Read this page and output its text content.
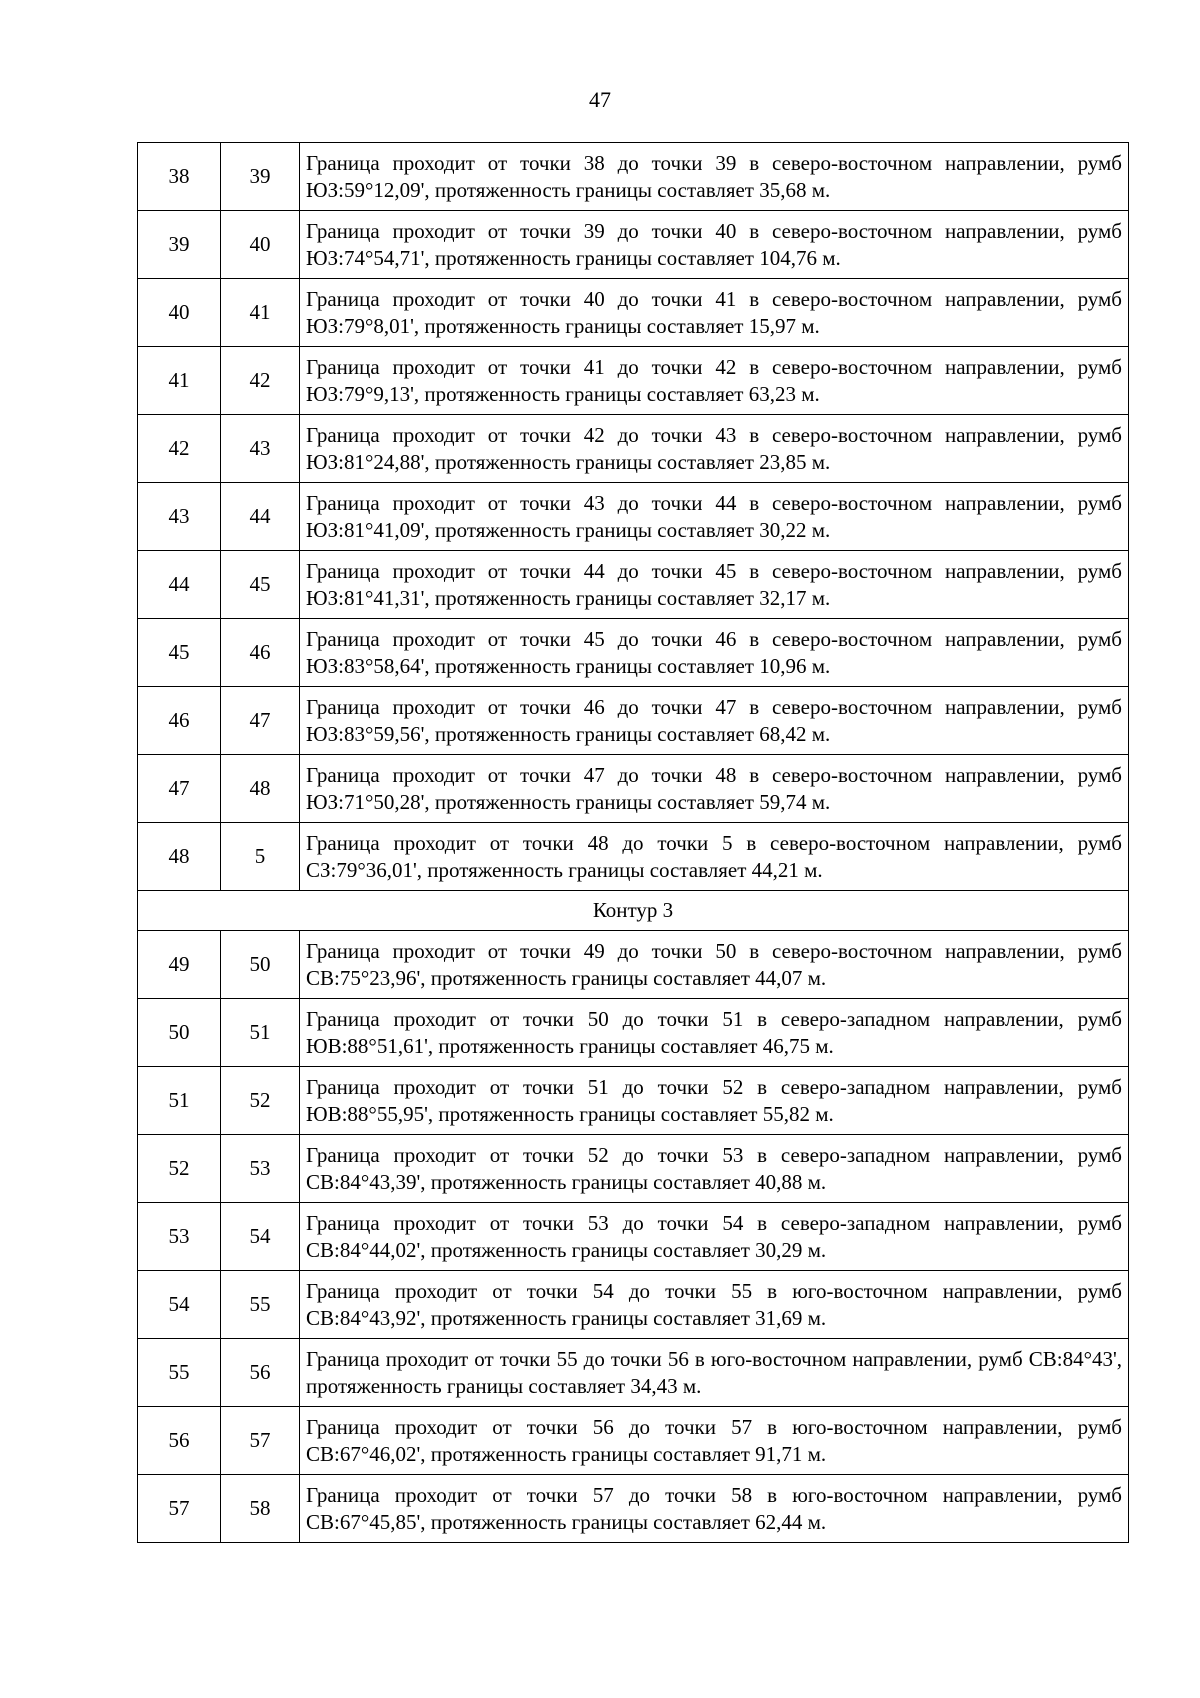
47
38	39	Граница проходит от точки 38 до точки 39 в северо-восточном направлении, румб ЮЗ:59°12,09', протяженность границы составляет 35,68 м.
39	40	Граница проходит от точки 39 до точки 40 в северо-восточном направлении, румб ЮЗ:74°54,71', протяженность границы составляет 104,76 м.
40	41	Граница проходит от точки 40 до точки 41 в северо-восточном направлении, румб ЮЗ:79°8,01', протяженность границы составляет 15,97 м.
41	42	Граница проходит от точки 41 до точки 42 в северо-восточном направлении, румб ЮЗ:79°9,13', протяженность границы составляет 63,23 м.
42	43	Граница проходит от точки 42 до точки 43 в северо-восточном направлении, румб ЮЗ:81°24,88', протяженность границы составляет 23,85 м.
43	44	Граница проходит от точки 43 до точки 44 в северо-восточном направлении, румб ЮЗ:81°41,09', протяженность границы составляет 30,22 м.
44	45	Граница проходит от точки 44 до точки 45 в северо-восточном направлении, румб ЮЗ:81°41,31', протяженность границы составляет 32,17 м.
45	46	Граница проходит от точки 45 до точки 46 в северо-восточном направлении, румб ЮЗ:83°58,64', протяженность границы составляет 10,96 м.
46	47	Граница проходит от точки 46 до точки 47 в северо-восточном направлении, румб ЮЗ:83°59,56', протяженность границы составляет 68,42 м.
47	48	Граница проходит от точки 47 до точки 48 в северо-восточном направлении, румб ЮЗ:71°50,28', протяженность границы составляет 59,74 м.
48	5	Граница проходит от точки 48 до точки 5 в северо-восточном направлении, румб СЗ:79°36,01', протяженность границы составляет 44,21 м.
Контур 3		
49	50	Граница проходит от точки 49 до точки 50 в северо-восточном направлении, румб СВ:75°23,96', протяженность границы составляет 44,07 м.
50	51	Граница проходит от точки 50 до точки 51 в северо-западном направлении, румб ЮВ:88°51,61', протяженность границы составляет 46,75 м.
51	52	Граница проходит от точки 51 до точки 52 в северо-западном направлении, румб ЮВ:88°55,95', протяженность границы составляет 55,82 м.
52	53	Граница проходит от точки 52 до точки 53 в северо-западном направлении, румб СВ:84°43,39', протяженность границы составляет 40,88 м.
53	54	Граница проходит от точки 53 до точки 54 в северо-западном направлении, румб СВ:84°44,02', протяженность границы составляет 30,29 м.
54	55	Граница проходит от точки 54 до точки 55 в юго-восточном направлении, румб СВ:84°43,92', протяженность границы составляет 31,69 м.
55	56	Граница проходит от точки 55 до точки 56 в юго-восточном направлении, румб СВ:84°43', протяженность границы составляет 34,43 м.
56	57	Граница проходит от точки 56 до точки 57 в юго-восточном направлении, румб СВ:67°46,02', протяженность границы составляет 91,71 м.
57	58	Граница проходит от точки 57 до точки 58 в юго-восточном направлении, румб СВ:67°45,85', протяженность границы составляет 62,44 м.
